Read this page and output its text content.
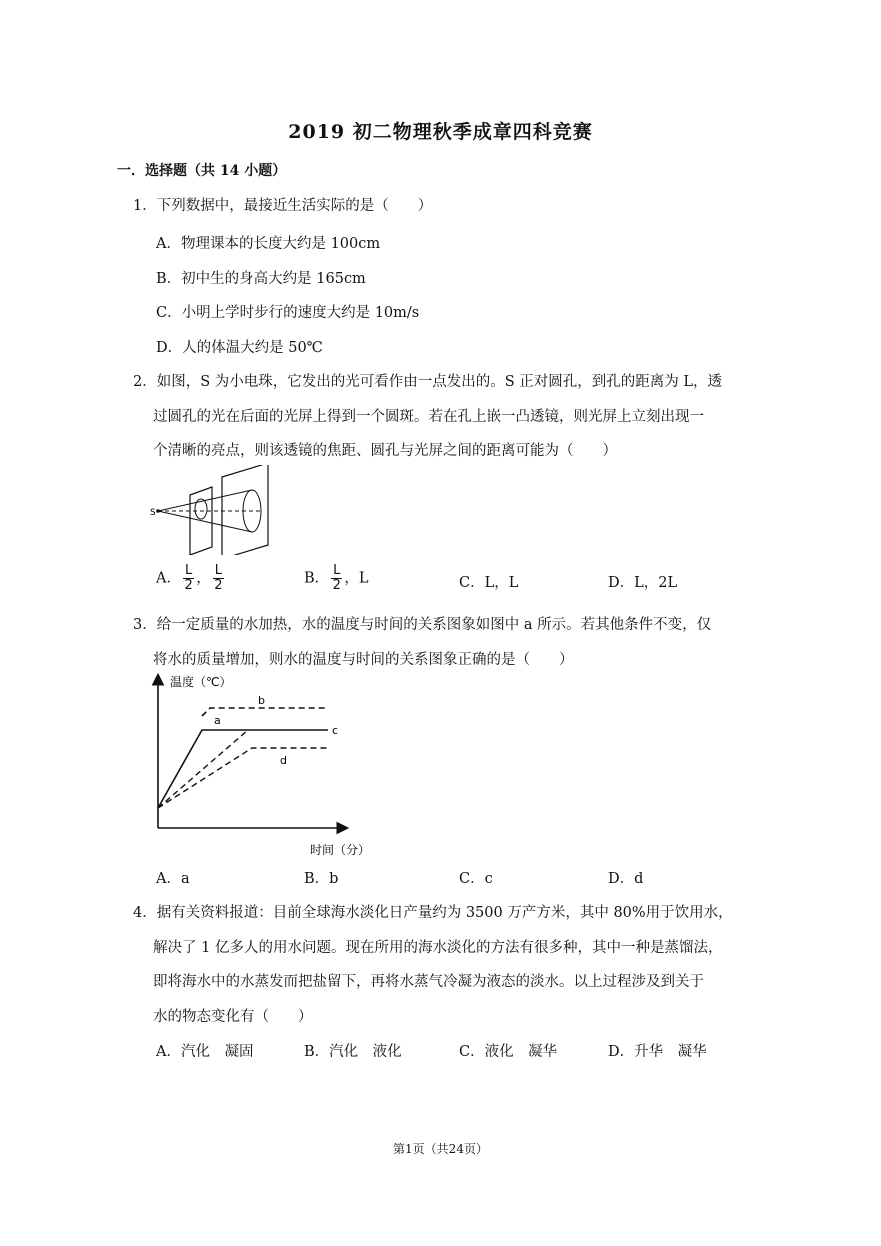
2019 初二物理秋季成章四科竞赛
一．选择题（共 14 小题）
1．下列数据中，最接近生活实际的是（　　）
A．物理课本的长度大约是 100cm
B．初中生的身高大约是 165cm
C．小明上学时步行的速度大约是 10m/s
D．人的体温大约是 50℃
2．如图，S 为小电珠，它发出的光可看作由一点发出的。S 正对圆孔，到孔的距离为 L，透
过圆孔的光在后面的光屏上得到一个圆斑。若在孔上嵌一凸透镜，则光屏上立刻出现一
个清晰的亮点，则该透镜的焦距、圆孔与光屏之间的距离可能为（　　）
S
A． $\frac{L}{2}$ ， $\frac{L}{2}$	B． $\frac{L}{2}$ ，L	C．L，L	D．L，2L
3．给一定质量的水加热，水的温度与时间的关系图象如图中 a 所示。若其他条件不变，仅
将水的质量增加，则水的温度与时间的关系图象正确的是（　　）
温度（℃）
时间（分）
b
a
c
d
A．a	B．b	C．c	D．d
4．据有关资料报道：目前全球海水淡化日产量约为 3500 万产方米，其中 80%用于饮用水，
解决了 1 亿多人的用水问题。现在所用的海水淡化的方法有很多种，其中一种是蒸馏法，
即将海水中的水蒸发而把盐留下，再将水蒸气冷凝为液态的淡水。以上过程涉及到关于
水的物态变化有（　　）
A．汽化　凝固	B．汽化　液化	C．液化　凝华	D．升华　凝华
第1页（共24页）
